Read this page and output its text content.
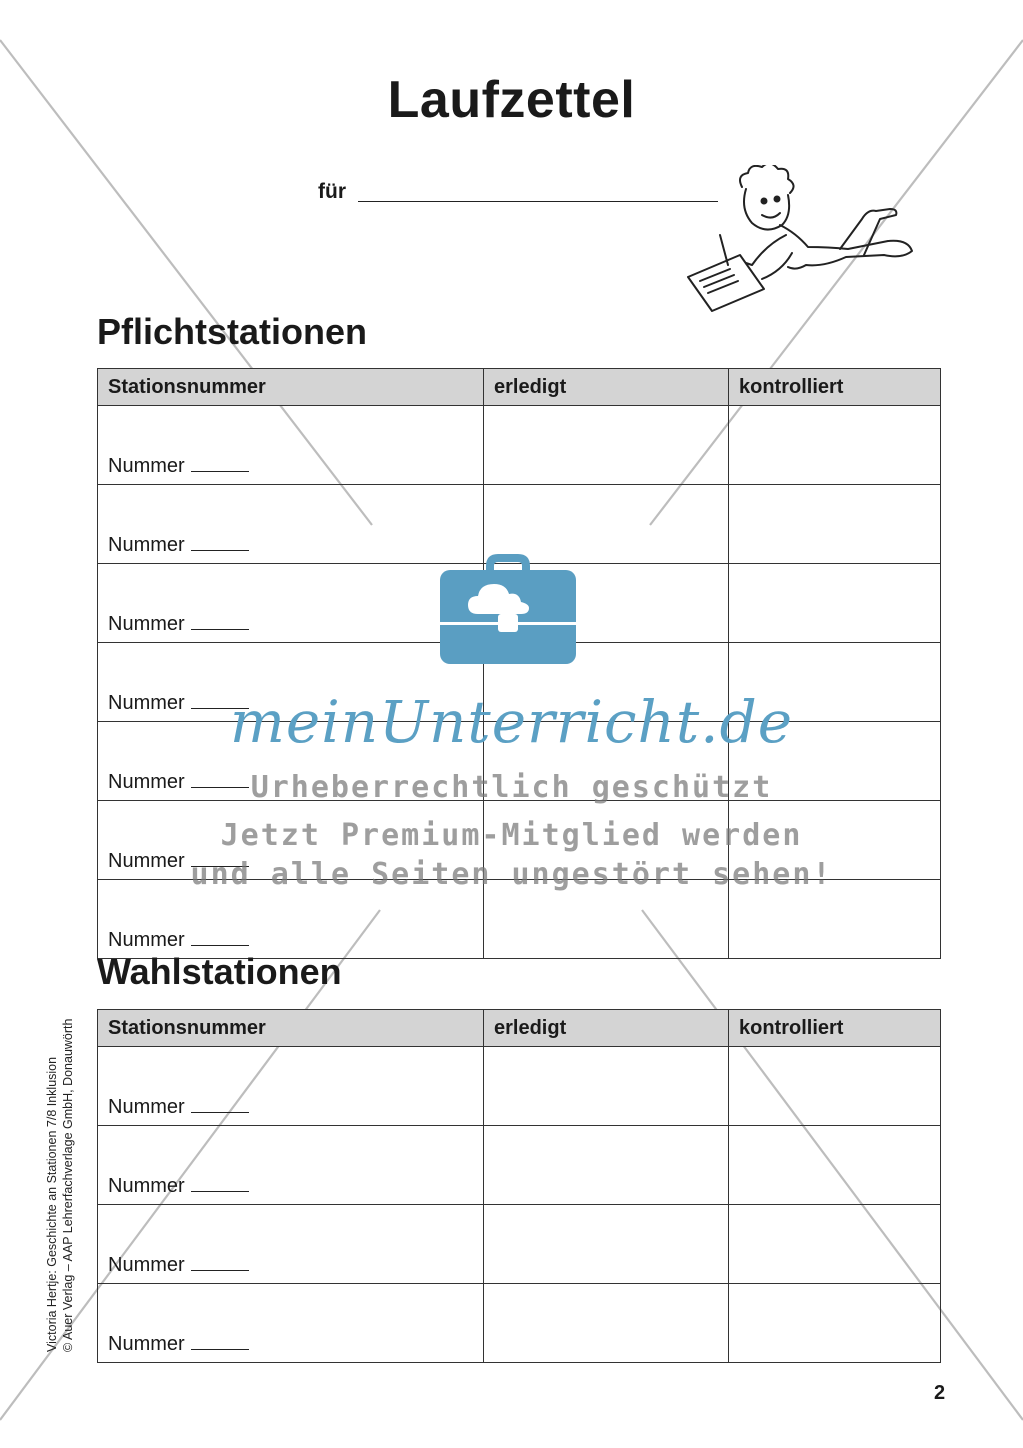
Laufzettel
für
Pflichtstationen
Stationsnummer	erledigt	kontrolliert
Nummer		
Nummer		
Nummer		
Nummer		
Nummer		
Nummer		
Nummer		
Wahlstationen
Stationsnummer	erledigt	kontrolliert
Nummer		
Nummer		
Nummer		
Nummer		
meinUnterricht.de
Urheberrechtlich geschützt
Jetzt Premium-Mitglied werden
und alle Seiten ungestört sehen!
Victoria Hertje: Geschichte an Stationen 7/8 Inklusion © Auer Verlag – AAP Lehrerfachverlage GmbH, Donauwörth
2
